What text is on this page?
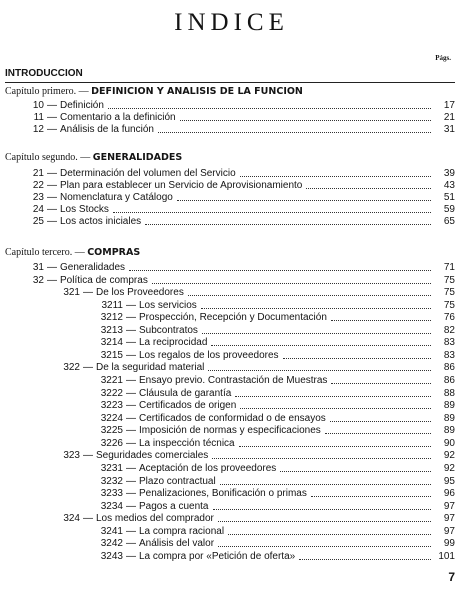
INDICE
Págs.
INTRODUCCION
Capítulo primero. — DEFINICION Y ANALISIS DE LA FUNCION
10 — Definición	17
11 — Comentario a la definición	21
12 — Análisis de la función	31
Capítulo segundo. — GENERALIDADES
21 — Determinación del volumen del Servicio	39
22 — Plan para establecer un Servicio de Aprovisionamiento	43
23 — Nomenclatura y Catálogo	51
24 — Los Stocks	59
25 — Los actos iniciales	65
Capítulo tercero. — COMPRAS
31 — Generalidades	71
32 — Política de compras	75
321 — De los Proveedores	75
3211 — Los servicios	75
3212 — Prospección, Recepción y Documentación	76
3213 — Subcontratos	82
3214 — La reciprocidad	83
3215 — Los regalos de los proveedores	83
322 — De la seguridad material	86
3221 — Ensayo previo. Contrastación de Muestras	86
3222 — Cláusula de garantía	88
3223 — Certificados de origen	89
3224 — Certificados de conformidad o de ensayos	89
3225 — Imposición de normas y especificaciones	89
3226 — La inspección técnica	90
323 — Seguridades comerciales	92
3231 — Aceptación de los proveedores	92
3232 — Plazo contractual	95
3233 — Penalizaciones, Bonificación o primas	96
3234 — Pagos a cuenta	97
324 — Los medios del comprador	97
3241 — La compra racional	97
3242 — Análisis del valor	99
3243 — La compra por «Petición de oferta»	101
7
